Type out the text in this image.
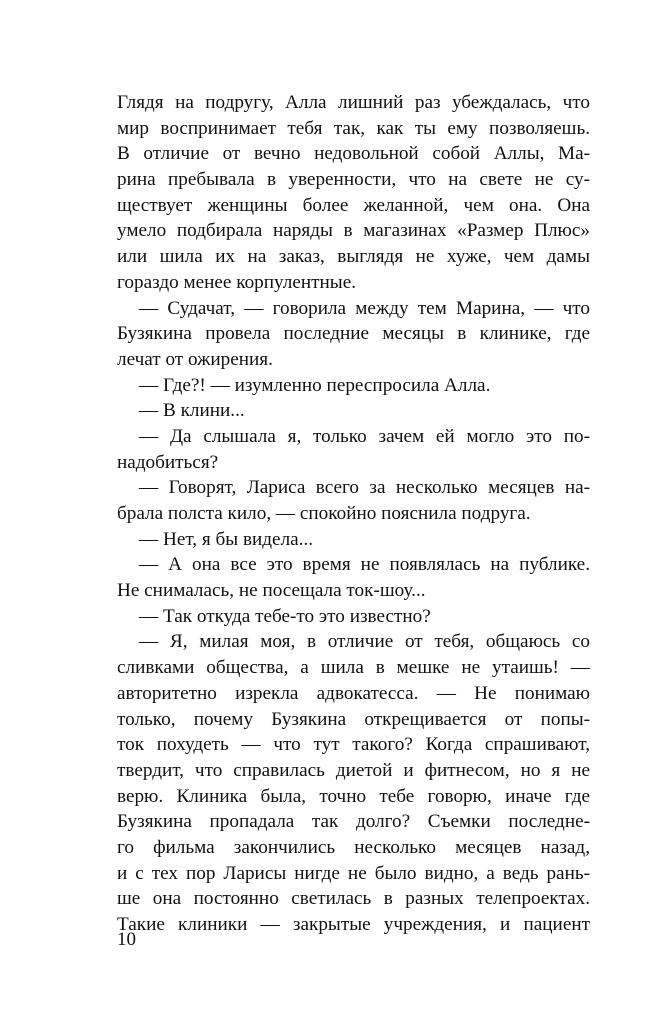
Глядя на подругу, Алла лишний раз убеждалась, что
мир воспринимает тебя так, как ты ему позволяешь.
В отличие от вечно недовольной собой Аллы, Ма-
рина пребывала в уверенности, что на свете не су-
ществует женщины более желанной, чем она. Она
умело подбирала наряды в магазинах «Размер Плюс»
или шила их на заказ, выглядя не хуже, чем дамы
гораздо менее корпулентные.
— Судачат, — говорила между тем Марина, — что
Бузякина провела последние месяцы в клинике, где
лечат от ожирения.
— Где?! — изумленно переспросила Алла.
— В клини...
— Да слышала я, только зачем ей могло это по-
надобиться?
— Говорят, Лариса всего за несколько месяцев на-
брала полста кило, — спокойно пояснила подруга.
— Нет, я бы видела...
— А она все это время не появлялась на публике.
Не снималась, не посещала ток-шоу...
— Так откуда тебе-то это известно?
— Я, милая моя, в отличие от тебя, общаюсь со
сливками общества, а шила в мешке не утаишь! —
авторитетно изрекла адвокатесса. — Не понимаю
только, почему Бузякина открещивается от попы-
ток похудеть — что тут такого? Когда спрашивают,
твердит, что справилась диетой и фитнесом, но я не
верю. Клиника была, точно тебе говорю, иначе где
Бузякина пропадала так долго? Съемки последне-
го фильма закончились несколько месяцев назад,
и с тех пор Ларисы нигде не было видно, а ведь рань-
ше она постоянно светилась в разных телепроектах.
Такие клиники — закрытые учреждения, и пациент
10
